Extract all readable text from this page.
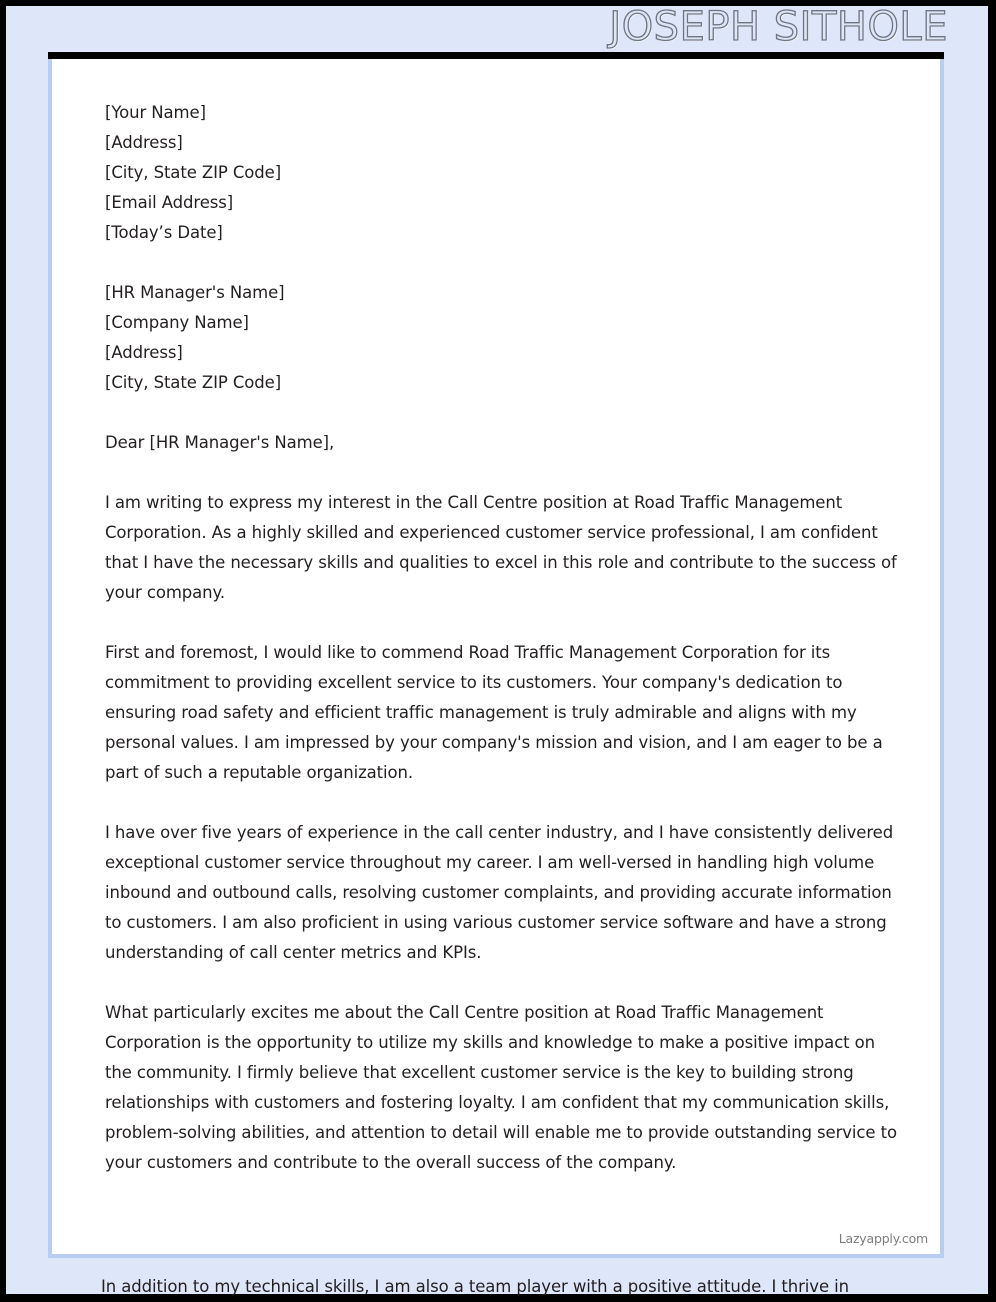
JOSEPH SITHOLE
[Your Name]
[Address]
[City, State ZIP Code]
[Email Address]
[Today’s Date]
[HR Manager's Name]
[Company Name]
[Address]
[City, State ZIP Code]
Dear [HR Manager's Name],

I am writing to express my interest in the Call Centre position at Road Traffic Management Corporation. As a highly skilled and experienced customer service professional, I am confident that I have the necessary skills and qualities to excel in this role and contribute to the success of your company.

First and foremost, I would like to commend Road Traffic Management Corporation for its commitment to providing excellent service to its customers. Your company's dedication to ensuring road safety and efficient traffic management is truly admirable and aligns with my personal values. I am impressed by your company's mission and vision, and I am eager to be a part of such a reputable organization.

I have over five years of experience in the call center industry, and I have consistently delivered exceptional customer service throughout my career. I am well-versed in handling high volume inbound and outbound calls, resolving customer complaints, and providing accurate information to customers. I am also proficient in using various customer service software and have a strong understanding of call center metrics and KPIs.

What particularly excites me about the Call Centre position at Road Traffic Management Corporation is the opportunity to utilize my skills and knowledge to make a positive impact on the community. I firmly believe that excellent customer service is the key to building strong relationships with customers and fostering loyalty. I am confident that my communication skills, problem-solving abilities, and attention to detail will enable me to provide outstanding service to your customers and contribute to the overall success of the company.

Lazyapply.com
In addition to my technical skills, I am also a team player with a positive attitude. I thrive in
